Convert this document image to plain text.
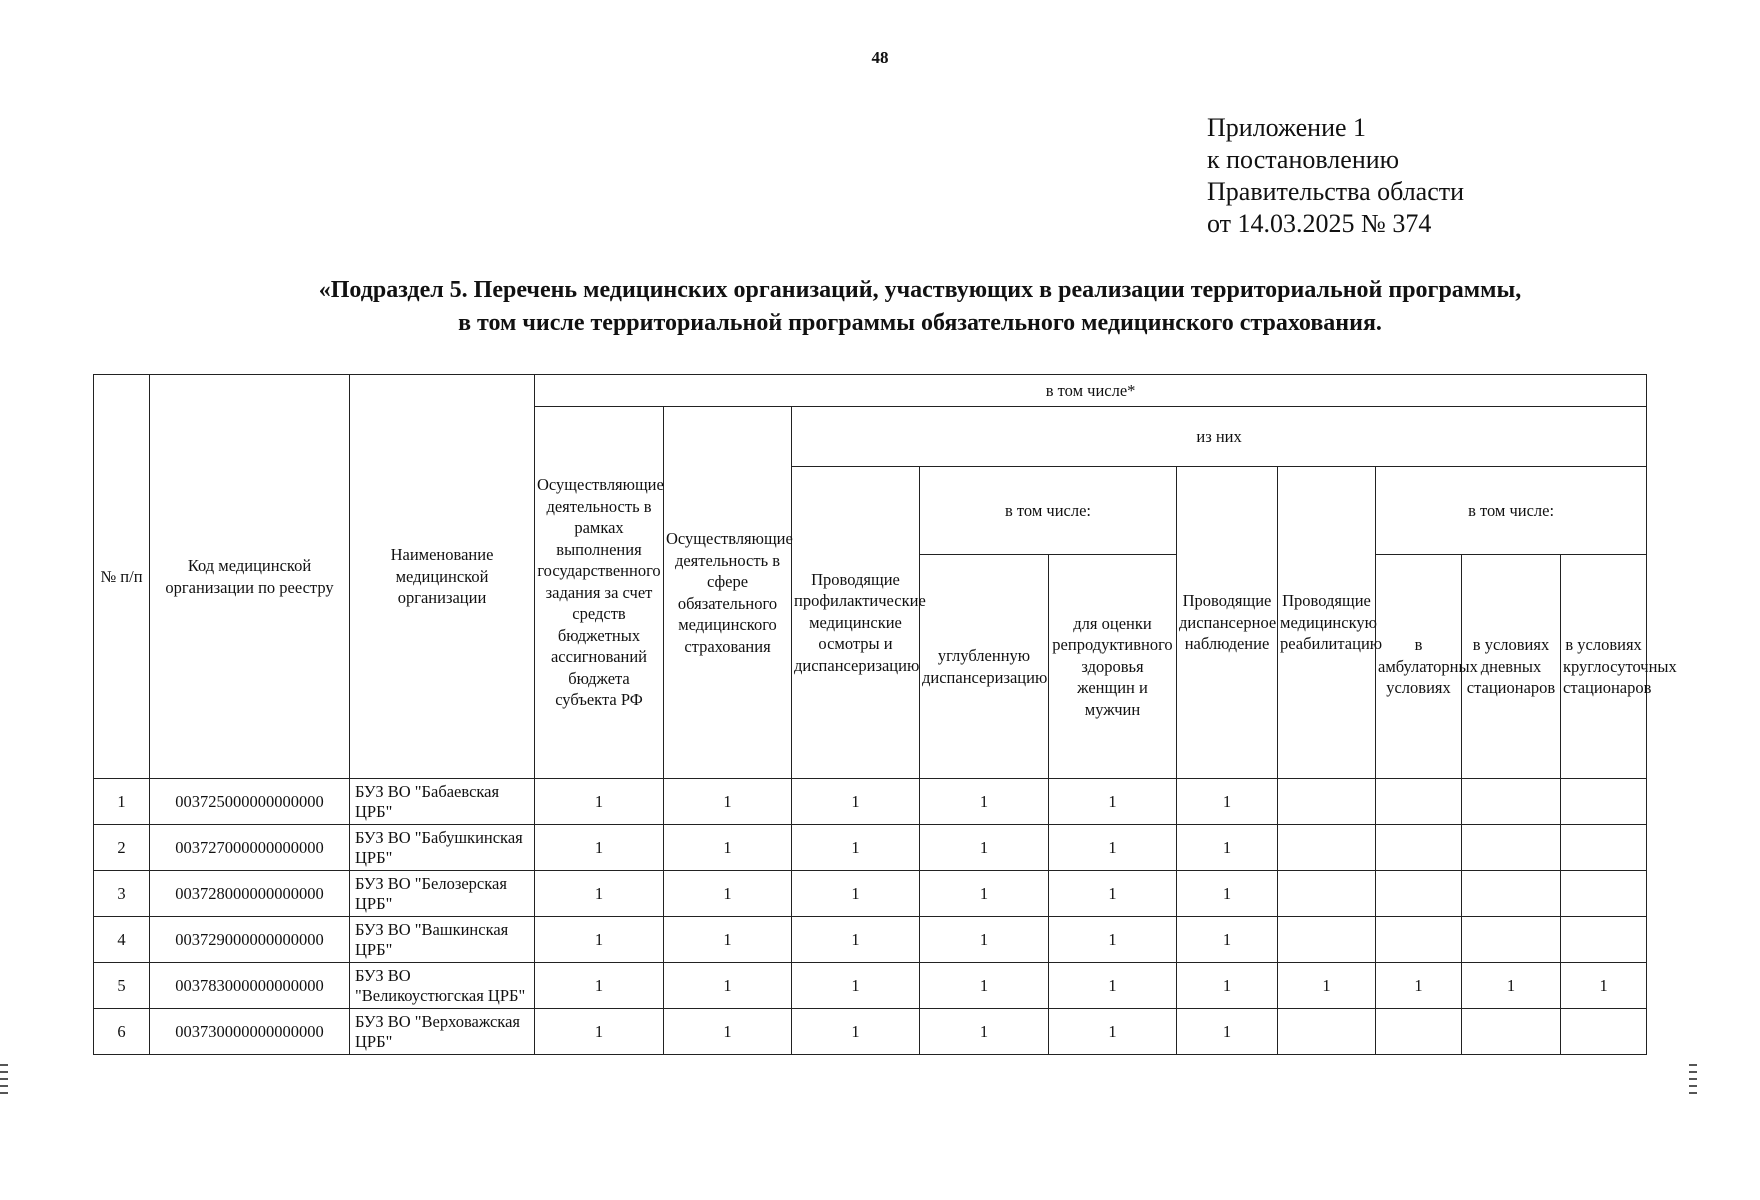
48
Приложение 1
к постановлению
Правительства области
от 14.03.2025 № 374
«Подраздел 5. Перечень медицинских организаций, участвующих в реализации территориальной программы,
в том числе территориальной программы обязательного медицинского страхования.
№ п/п	Код медицинской организации по реестру	Наименование медицинской организации	в том числе*									
			Осуществляющие деятельность в рамках выполнения государственного задания за счет средств бюджетных ассигнований бюджета субъекта РФ	Осуществляющие деятельность в сфере обязательного медицинского страхования	из них							
					Проводящие профилактические медицинские осмотры и диспансеризацию	в том числе:		Проводящие диспансерное наблюдение	Проводящие медицинскую реабилитацию	в том числе:		
						углубленную диспансеризацию	для оценки репродуктивного здоровья женщин и мужчин			в амбулаторных условиях	в условиях дневных стационаров	в условиях круглосуточных стационаров
1	003725000000000000	БУЗ ВО "Бабаевская ЦРБ"	1	1	1	1	1	1				
2	003727000000000000	БУЗ ВО "Бабушкинская ЦРБ"	1	1	1	1	1	1				
3	003728000000000000	БУЗ ВО "Белозерская ЦРБ"	1	1	1	1	1	1				
4	003729000000000000	БУЗ ВО "Вашкинская ЦРБ"	1	1	1	1	1	1				
5	003783000000000000	БУЗ ВО "Великоустюгская ЦРБ"	1	1	1	1	1	1	1	1	1	1
6	003730000000000000	БУЗ ВО "Верховажская ЦРБ"	1	1	1	1	1	1				
